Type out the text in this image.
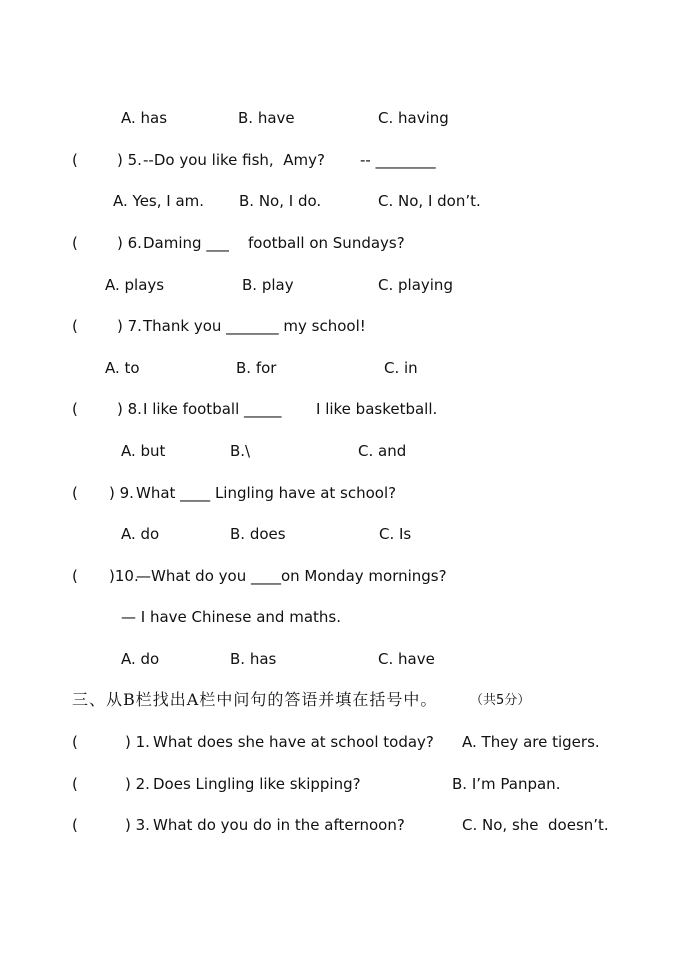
A. has	B. have	C. having
(	) 5. --Do you like fish,  Amy? -- ________
A. Yes, I am. B. No, I do.	C. No, I don’t.
(	) 6. Daming ___ football on Sundays?
A. plays	B. play	C. playing
(	) 7. Thank you _______ my school!
A. to	B. for	C. in
(	) 8. I like football _____ I like basketball.
A. but	B.\	C. and
( ) 9. What ____ Lingling have at school?
A. do	B. does	C. Is
( )10.
—What do you ____on Monday mornings?
— I have Chinese and maths.
A. do	B. has	C. have
三、从B栏找出A栏中问句的答语并填在括号中。	（共5分）
(	) 1. What does she have at school today? A. They are tigers.
(	) 2. Does Lingling like skipping?	B. I’m Panpan.
(	) 3. What do you do in the afternoon?	C. No, she  doesn’t.
